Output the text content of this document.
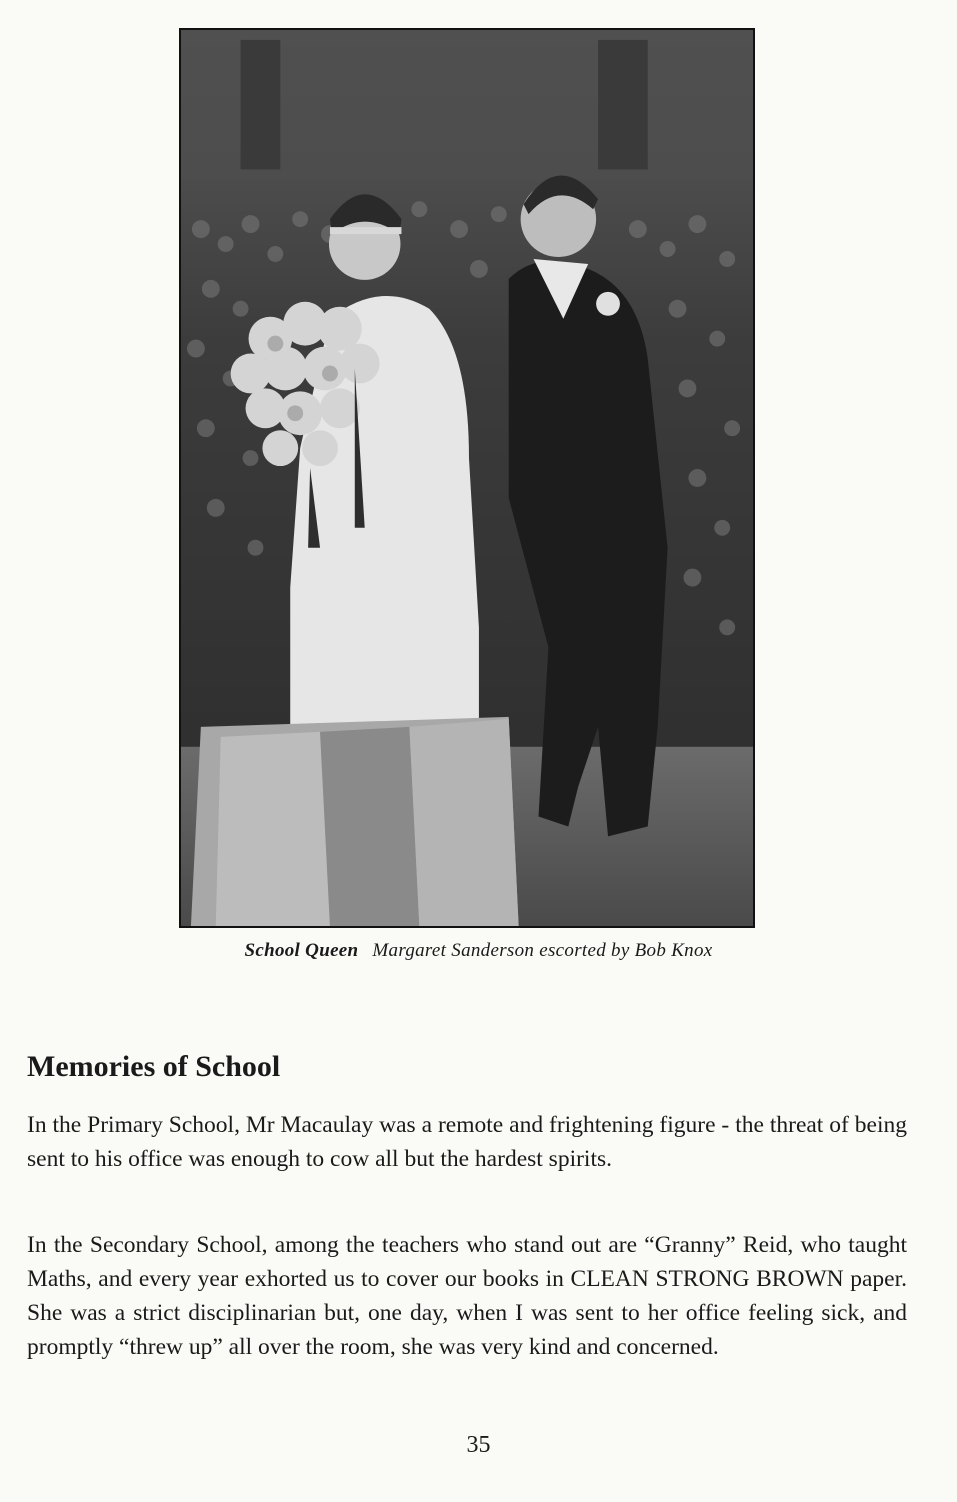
School Queen Margaret Sanderson escorted by Bob Knox
Memories of School

In the Primary School, Mr Macaulay was a remote and frightening figure - the threat of being sent to his office was enough to cow all but the hardest spirits.

In the Secondary School, among the teachers who stand out are “Granny” Reid, who taught Maths, and every year exhorted us to cover our books in CLEAN STRONG BROWN paper. She was a strict disciplinarian but, one day, when I was sent to her office feeling sick, and promptly “threw up” all over the room, she was very kind and concerned.

35
